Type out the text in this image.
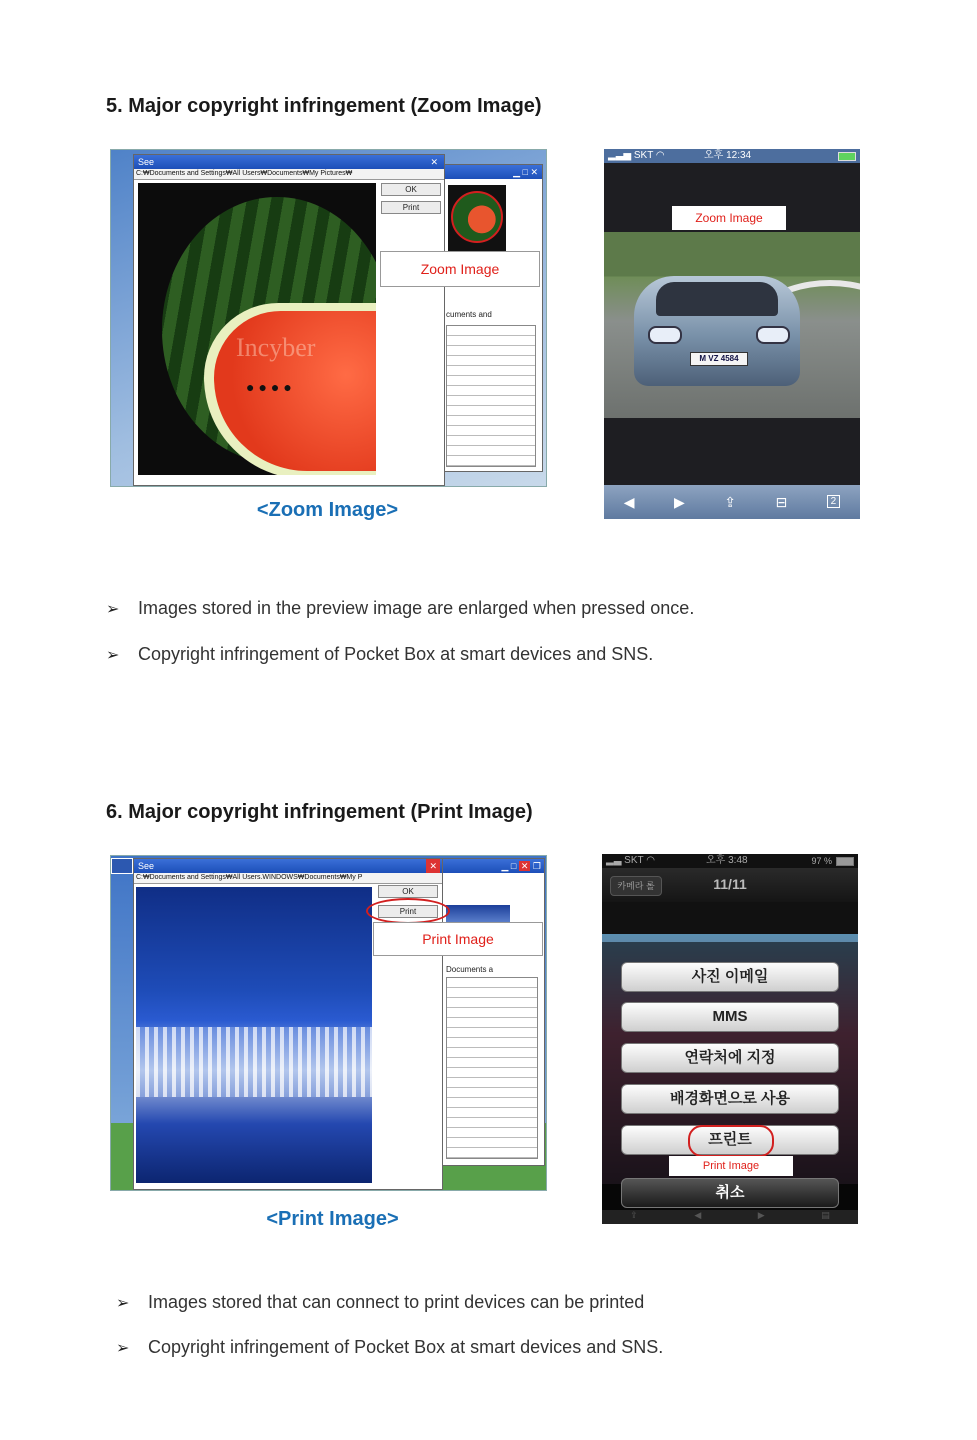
5. Major copyright infringement (Zoom Image)
▁ □ ✕
cuments and
See	✕
C:₩Documents and Settings₩All Users₩Documents₩My Pictures₩
Incyber
●●●●
OK
Print
Zoom Image
<Zoom Image>
▂▃▅ SKT ◠	오후 12:34
Zoom Image
M VZ 4584
◀	▶	⇪	⊟	2
➢	Images stored in the preview image are enlarged when pressed once.
➢	Copyright infringement of Pocket Box at smart devices and SNS.
6. Major copyright infringement (Print Image)
▁ □ ✕ ❐
Documents a
See	✕
C:₩Documents and Settings₩All Users.WINDOWS₩Documents₩My P
OK
Print
Print Image
<Print Image>
▂▃ SKT ◠	오후 3:48	97 %
카메라 롤	11/11
사진 이메일
MMS
연락처에 지정
배경화면으로 사용
프린트
Print Image
취소
⇪	◀	▶	▤
➢	Images stored that can connect to print devices can be printed
➢	Copyright infringement of Pocket Box at smart devices and SNS.
